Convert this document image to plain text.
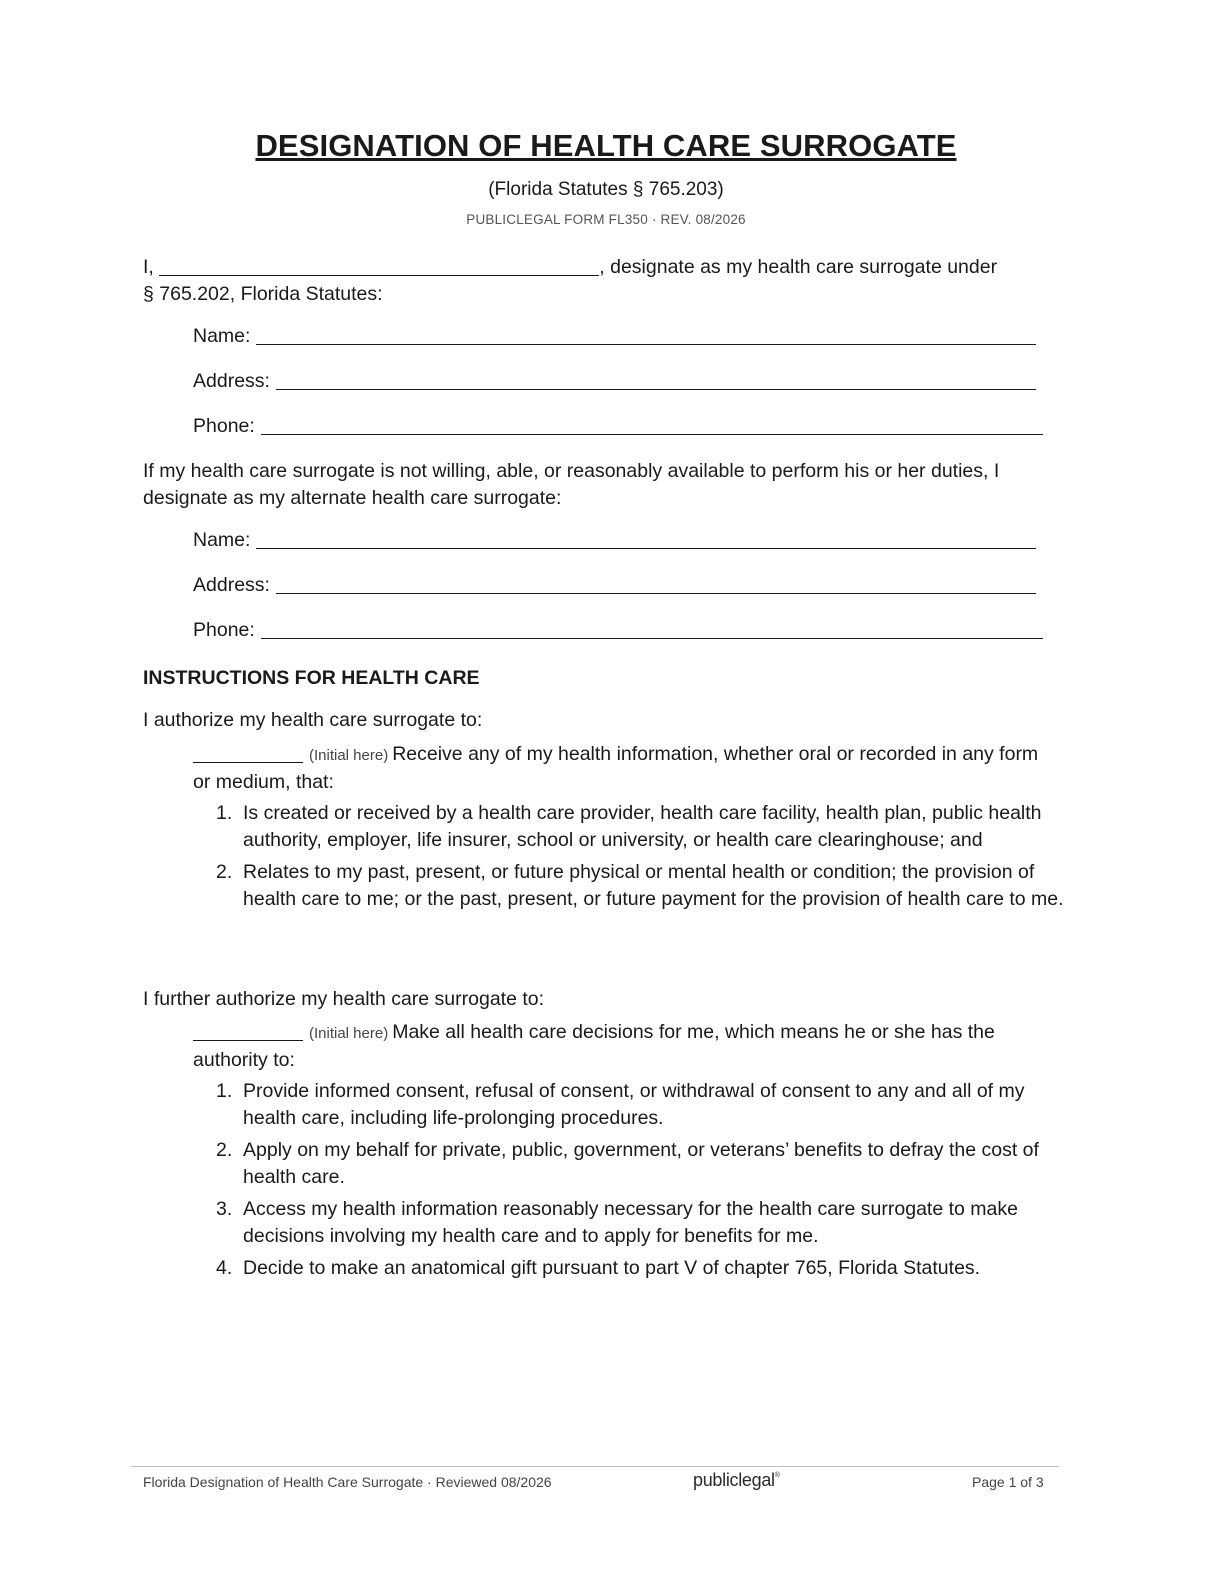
DESIGNATION OF HEALTH CARE SURROGATE
(Florida Statutes § 765.203)
PUBLICLEGAL FORM FL350 · REV. 08/2026
I,	, designate as my health care surrogate under
§ 765.202, Florida Statutes:
Name:
Address:
Phone:
If my health care surrogate is not willing, able, or reasonably available to perform his or her duties, I designate as my alternate health care surrogate:
Name:
Address:
Phone:
INSTRUCTIONS FOR HEALTH CARE
I authorize my health care surrogate to:
(Initial here) Receive any of my health information, whether oral or recorded in any form or medium, that:
1. Is created or received by a health care provider, health care facility, health plan, public health authority, employer, life insurer, school or university, or health care clearinghouse; and
2. Relates to my past, present, or future physical or mental health or condition; the provision of health care to me; or the past, present, or future payment for the provision of health care to me.
I further authorize my health care surrogate to:
(Initial here) Make all health care decisions for me, which means he or she has the authority to:
1. Provide informed consent, refusal of consent, or withdrawal of consent to any and all of my health care, including life-prolonging procedures.
2. Apply on my behalf for private, public, government, or veterans’ benefits to defray the cost of health care.
3. Access my health information reasonably necessary for the health care surrogate to make decisions involving my health care and to apply for benefits for me.
4. Decide to make an anatomical gift pursuant to part V of chapter 765, Florida Statutes.
Florida Designation of Health Care Surrogate · Reviewed 08/2026	publiclegal®	Page 1 of 3
